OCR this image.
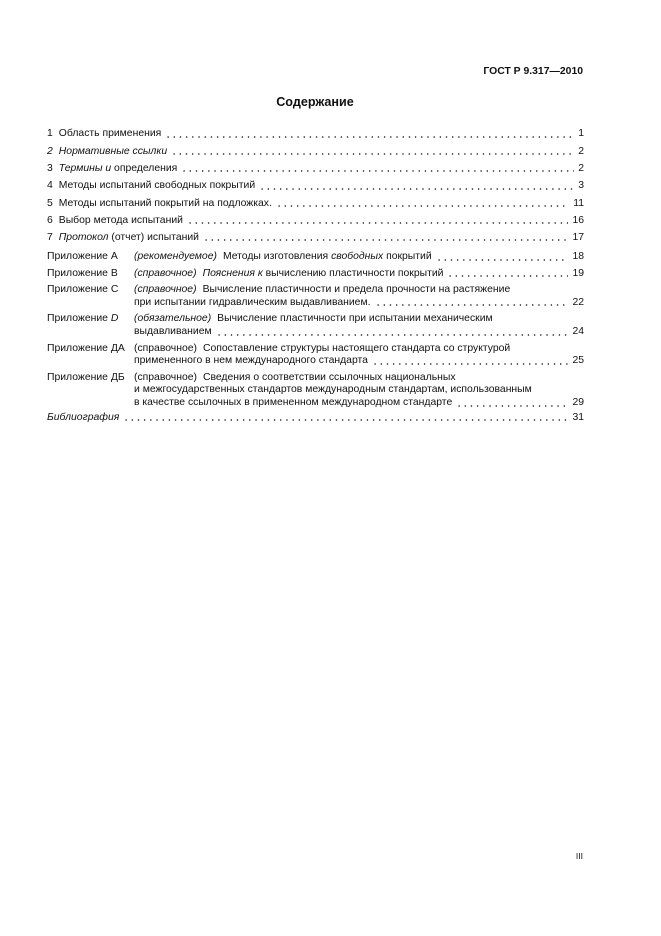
ГОСТ Р 9.317—2010
Содержание
1 Область применения	1
2 Нормативные ссылки	2
3 Термины и определения	2
4 Методы испытаний свободных покрытий	3
5 Методы испытаний покрытий на подложках.	11
6 Выбор метода испытаний	16
7 Протокол (отчет) испытаний	17
Приложение А	(рекомендуемое) Методы изготовления свободных покрытий	18
Приложение В	(справочное) Пояснения к вычислению пластичности покрытий	19
Приложение С	(справочное) Вычисление пластичности и предела прочности на растяжение
при испытании гидравлическим выдавливанием.	22
Приложение D	(обязательное) Вычисление пластичности при испытании механическим
выдавливанием	24
Приложение ДА (справочное) Сопоставление структуры настоящего стандарта со структурой
примененного в нем международного стандарта	25
Приложение ДБ (справочное) Сведения о соответствии ссылочных национальных
и межгосударственных стандартов международным стандартам, использованным
в качестве ссылочных в примененном международном стандарте	29
Библиография	31
III
